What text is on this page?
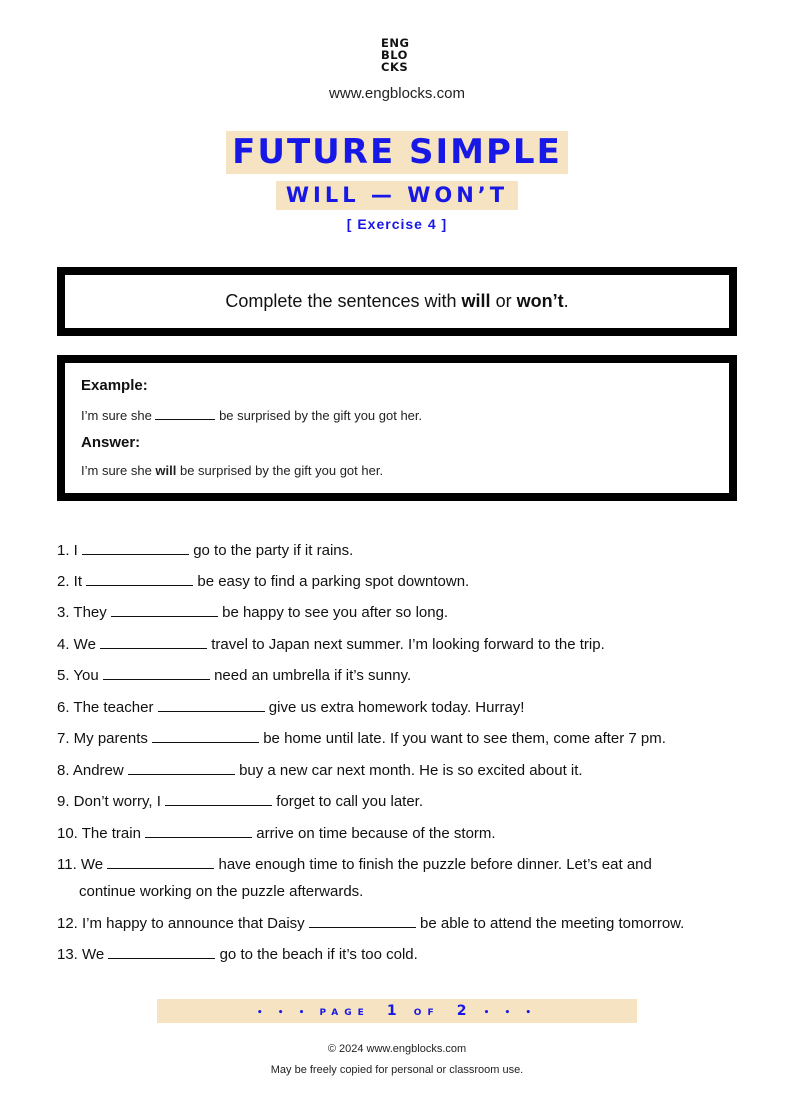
ENG
BLO
CKS
www.engblocks.com
FUTURE SIMPLE
WILL — WON’T
[ Exercise 4 ]
Complete the sentences with will or won’t.
Example:
I’m sure she	be surprised by the gift you got her.
Answer:
I’m sure she will be surprised by the gift you got her.
1. I	go to the party if it rains.
2. It	be easy to find a parking spot downtown.
3. They	be happy to see you after so long.
4. We	travel to Japan next summer. I’m looking forward to the trip.
5. You	need an umbrella if it’s sunny.
6. The teacher	give us extra homework today. Hurray!
7. My parents	be home until late. If you want to see them, come after 7 pm.
8. Andrew	buy a new car next month. He is so excited about it.
9. Don’t worry, I	forget to call you later.
10. The train	arrive on time because of the storm.
11. We	have enough time to finish the puzzle before dinner. Let’s eat and
continue working on the puzzle afterwards.
12. I’m happy to announce that Daisy	be able to attend the meeting tomorrow.
13. We	go to the beach if it’s too cold.
• • • PAGE 1 OF 2 • • •
© 2024 www.engblocks.com
May be freely copied for personal or classroom use.
